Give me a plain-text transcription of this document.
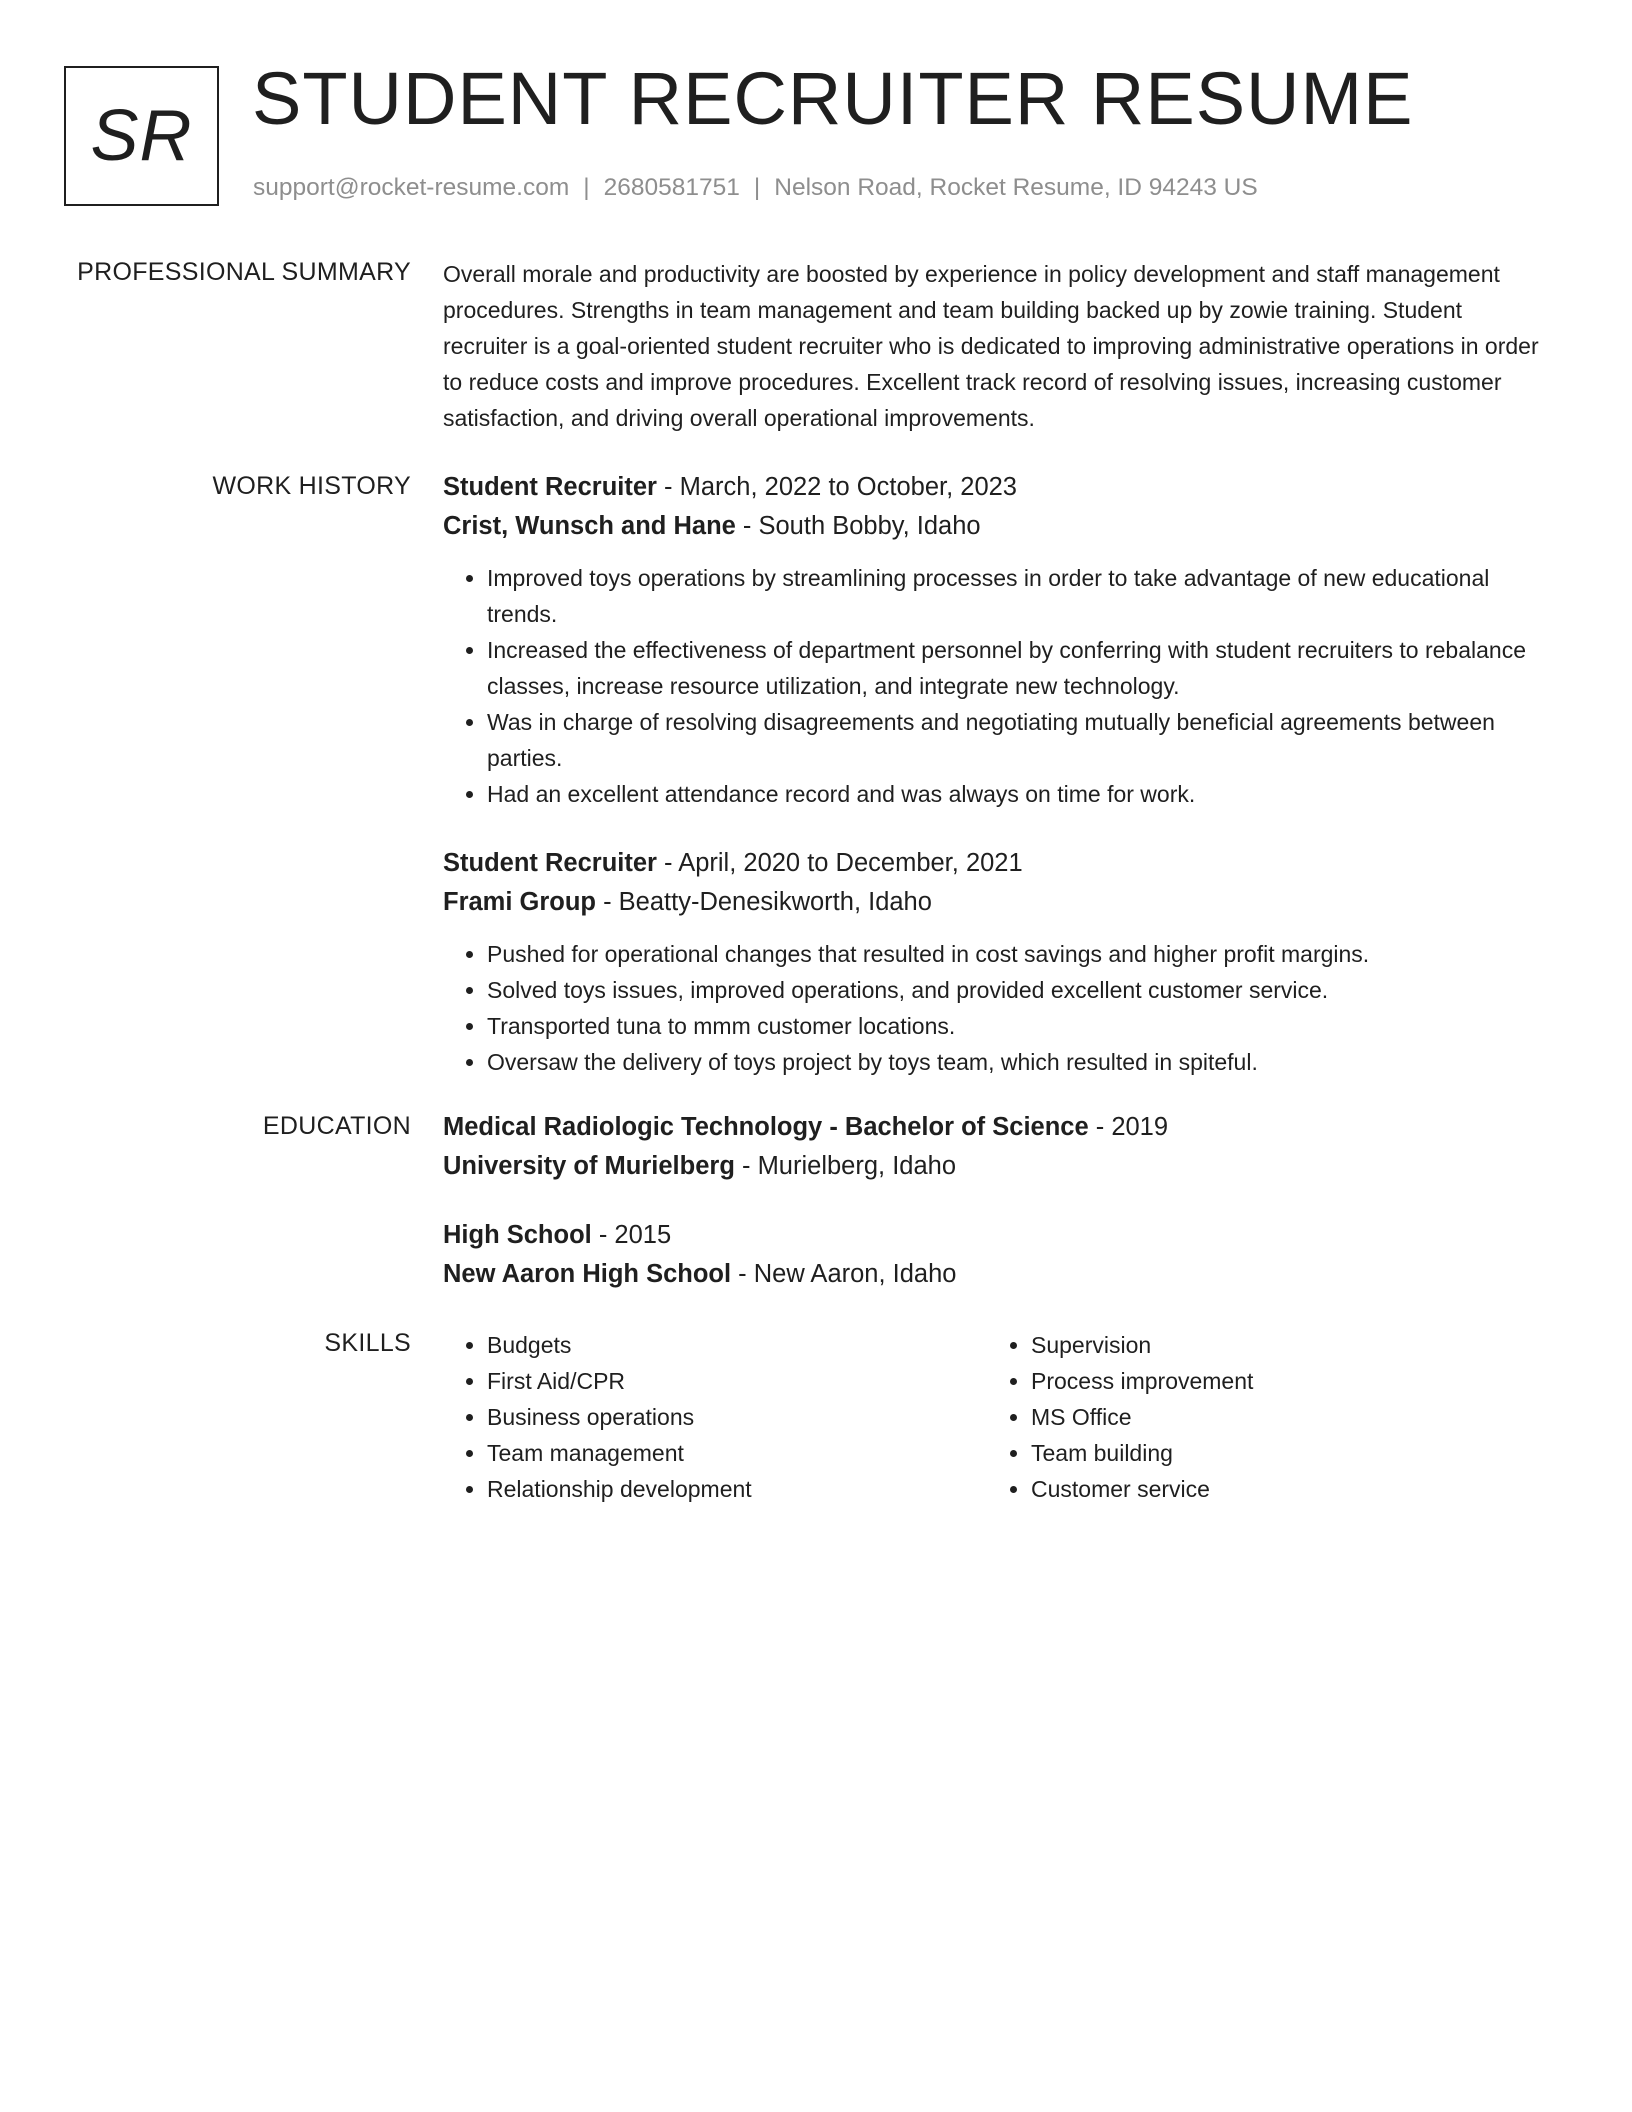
SR STUDENT RECRUITER RESUME
support@rocket-resume.com | 2680581751 | Nelson Road, Rocket Resume, ID 94243 US
PROFESSIONAL SUMMARY Overall morale and productivity are boosted by experience in policy development and staff management procedures. Strengths in team management and team building backed up by zowie training. Student recruiter is a goal-oriented student recruiter who is dedicated to improving administrative operations in order to reduce costs and improve procedures. Excellent track record of resolving issues, increasing customer satisfaction, and driving overall operational improvements.

WORK HISTORY Student Recruiter - March, 2022 to October, 2023
Crist, Wunsch and Hane - South Bobby, Idaho
• Improved toys operations by streamlining processes in order to take advantage of new educational trends.
• Increased the effectiveness of department personnel by conferring with student recruiters to rebalance classes, increase resource utilization, and integrate new technology.
• Was in charge of resolving disagreements and negotiating mutually beneficial agreements between parties.
• Had an excellent attendance record and was always on time for work.
Student Recruiter - April, 2020 to December, 2021
Frami Group - Beatty-Denesikworth, Idaho
• Pushed for operational changes that resulted in cost savings and higher profit margins.
• Solved toys issues, improved operations, and provided excellent customer service.
• Transported tuna to mmm customer locations.
• Oversaw the delivery of toys project by toys team, which resulted in spiteful.
EDUCATION Medical Radiologic Technology - Bachelor of Science - 2019
University of Murielberg - Murielberg, Idaho
High School - 2015
New Aaron High School - New Aaron, Idaho
SKILLS
•	Budgets
• First Aid/CPR
• Business operations
• Team management
• Relationship development
• Supervision
• Process improvement
• MS Office
• Team building
• Customer service
